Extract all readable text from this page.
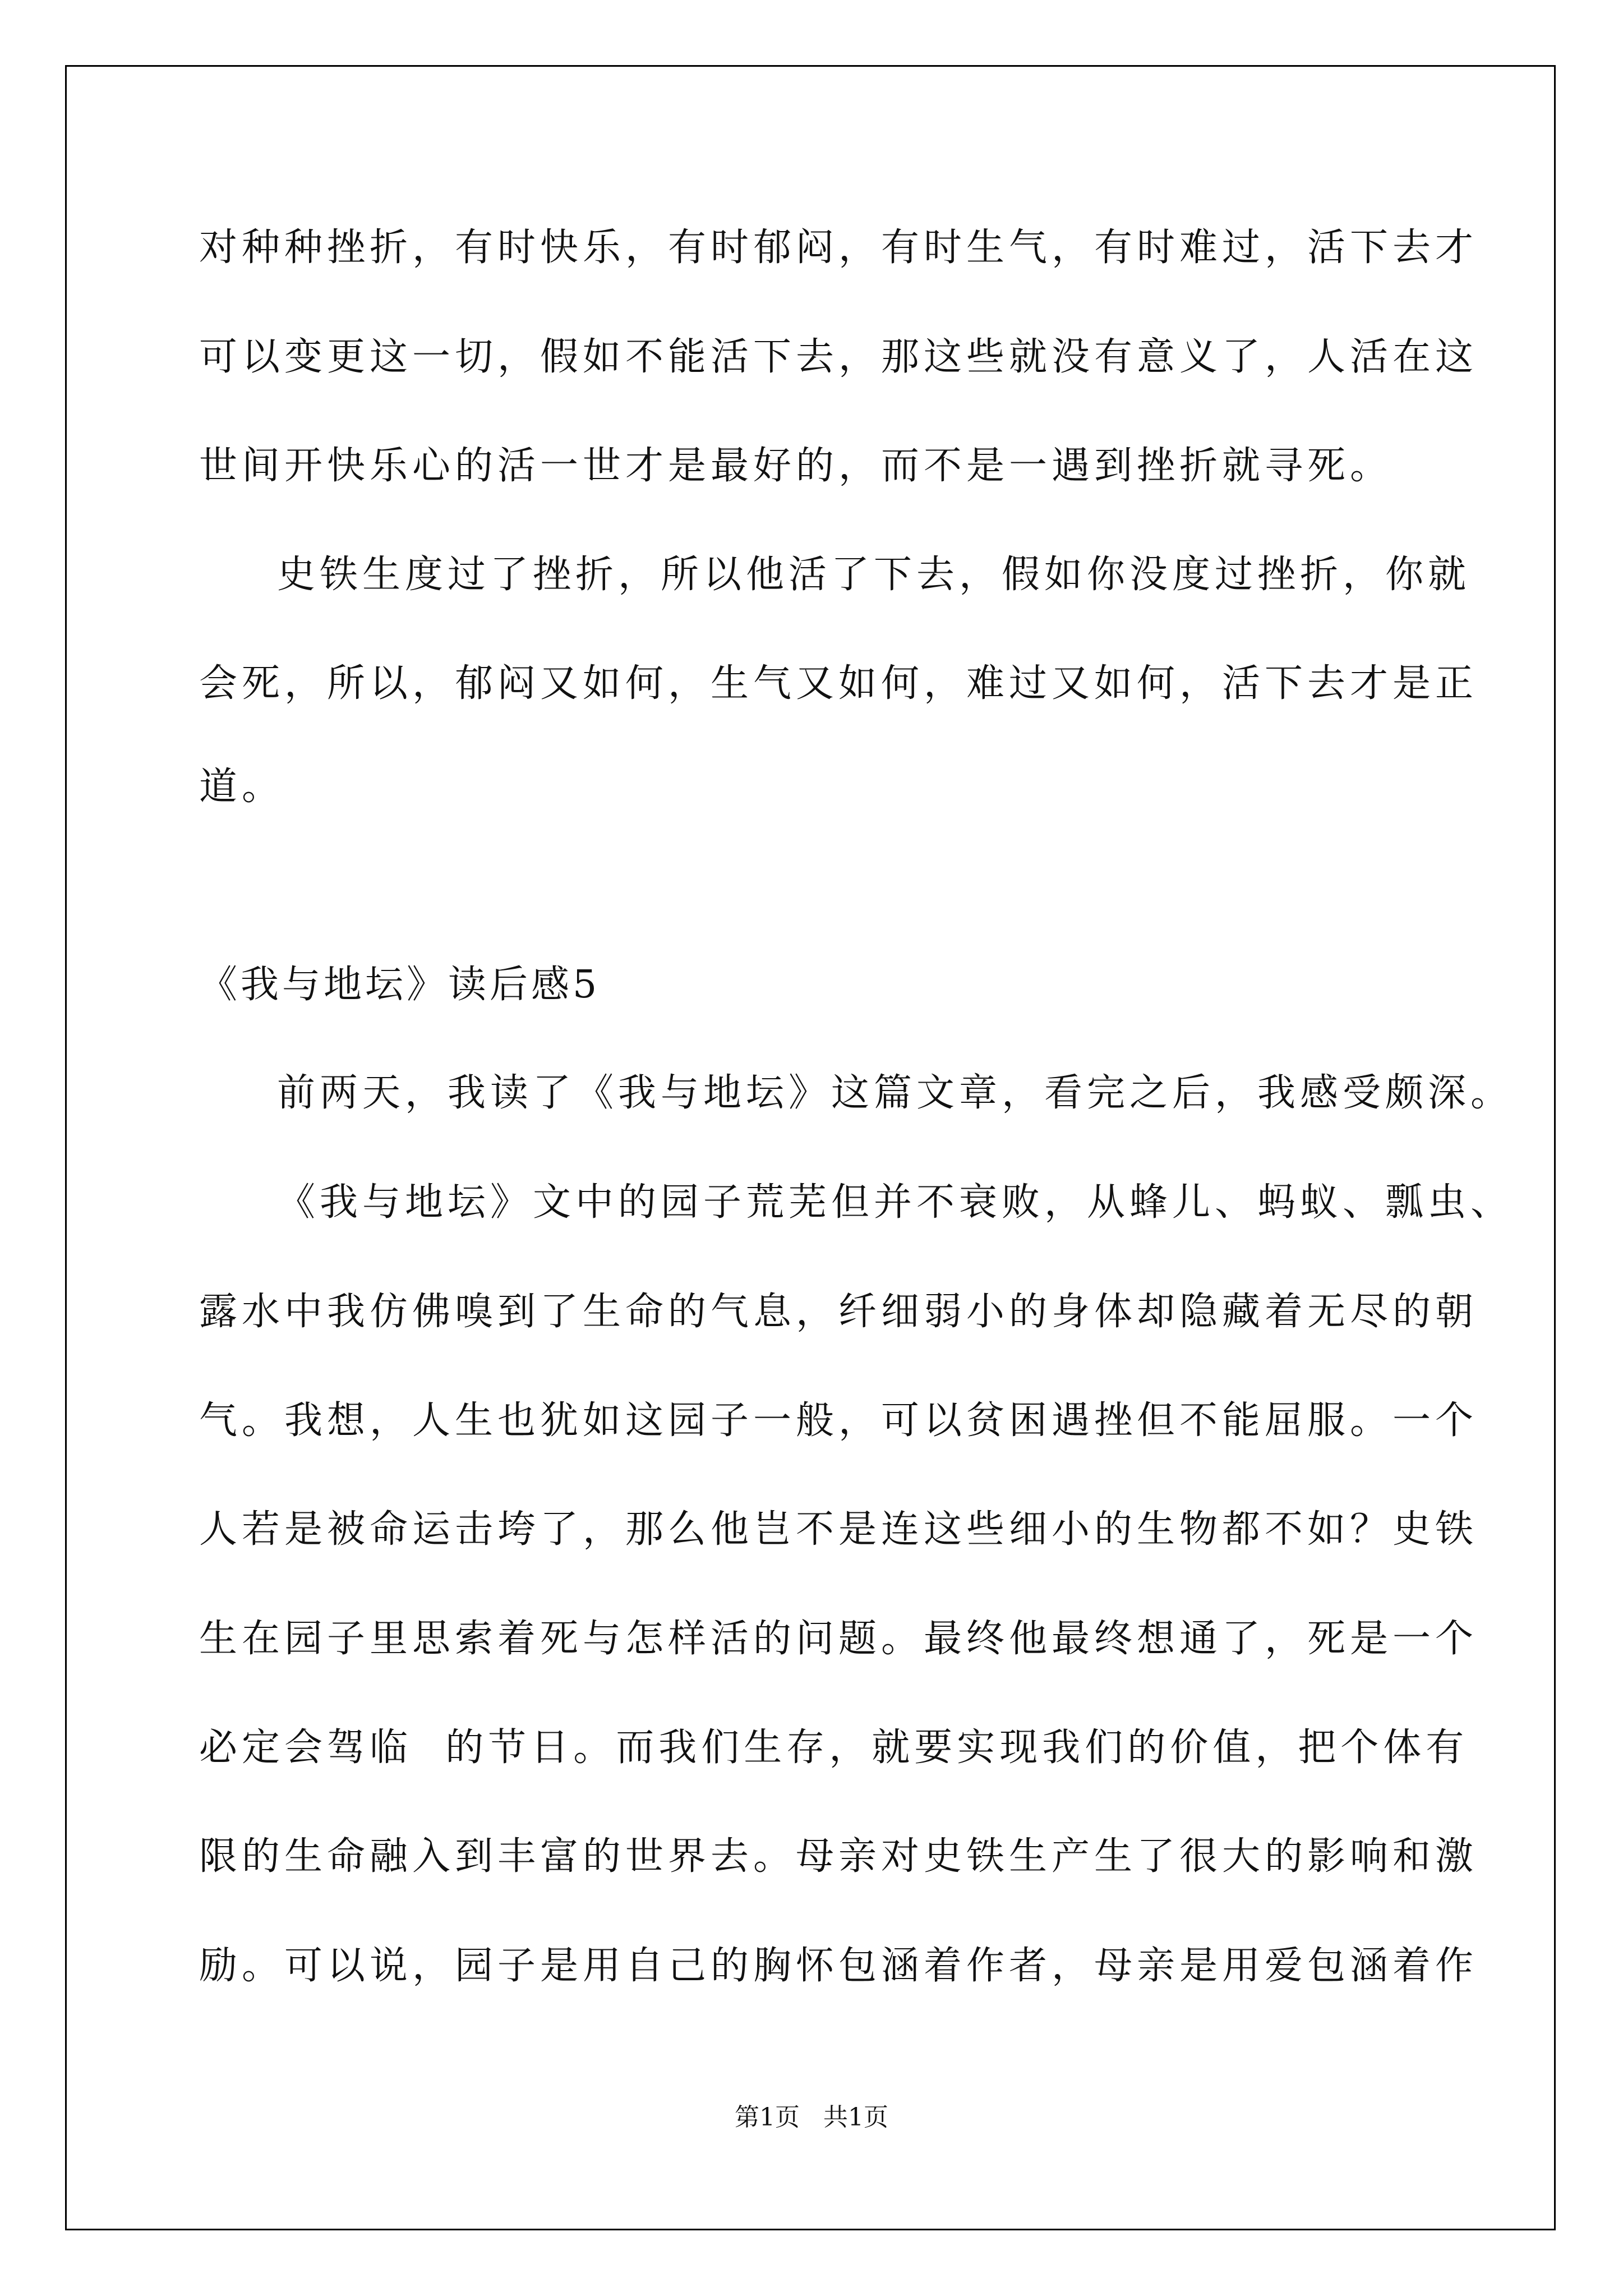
对种种挫折，有时快乐，有时郁闷，有时生气，有时难过，活下去才
可以变更这一切，假如不能活下去，那这些就没有意义了，人活在这
世间开快乐心的活一世才是最好的，而不是一遇到挫折就寻死。
史铁生度过了挫折，所以他活了下去，假如你没度过挫折，你就
会死，所以，郁闷又如何，生气又如何，难过又如何，活下去才是正
道。
《我与地坛》读后感5
前两天，我读了《我与地坛》这篇文章，看完之后，我感受颇深。
《我与地坛》文中的园子荒芜但并不衰败，从蜂儿、蚂蚁、瓢虫、
露水中我仿佛嗅到了生命的气息，纤细弱小的身体却隐藏着无尽的朝
气。我想，人生也犹如这园子一般，可以贫困遇挫但不能屈服。一个
人若是被命运击垮了，那么他岂不是连这些细小的生物都不如？史铁
生在园子里思索着死与怎样活的问题。最终他最终想通了，死是一个
必定会驾临  的节日。而我们生存，就要实现我们的价值，把个体有
限的生命融入到丰富的世界去。母亲对史铁生产生了很大的影响和激
励。可以说，园子是用自己的胸怀包涵着作者，母亲是用爱包涵着作
第1页   共1页
